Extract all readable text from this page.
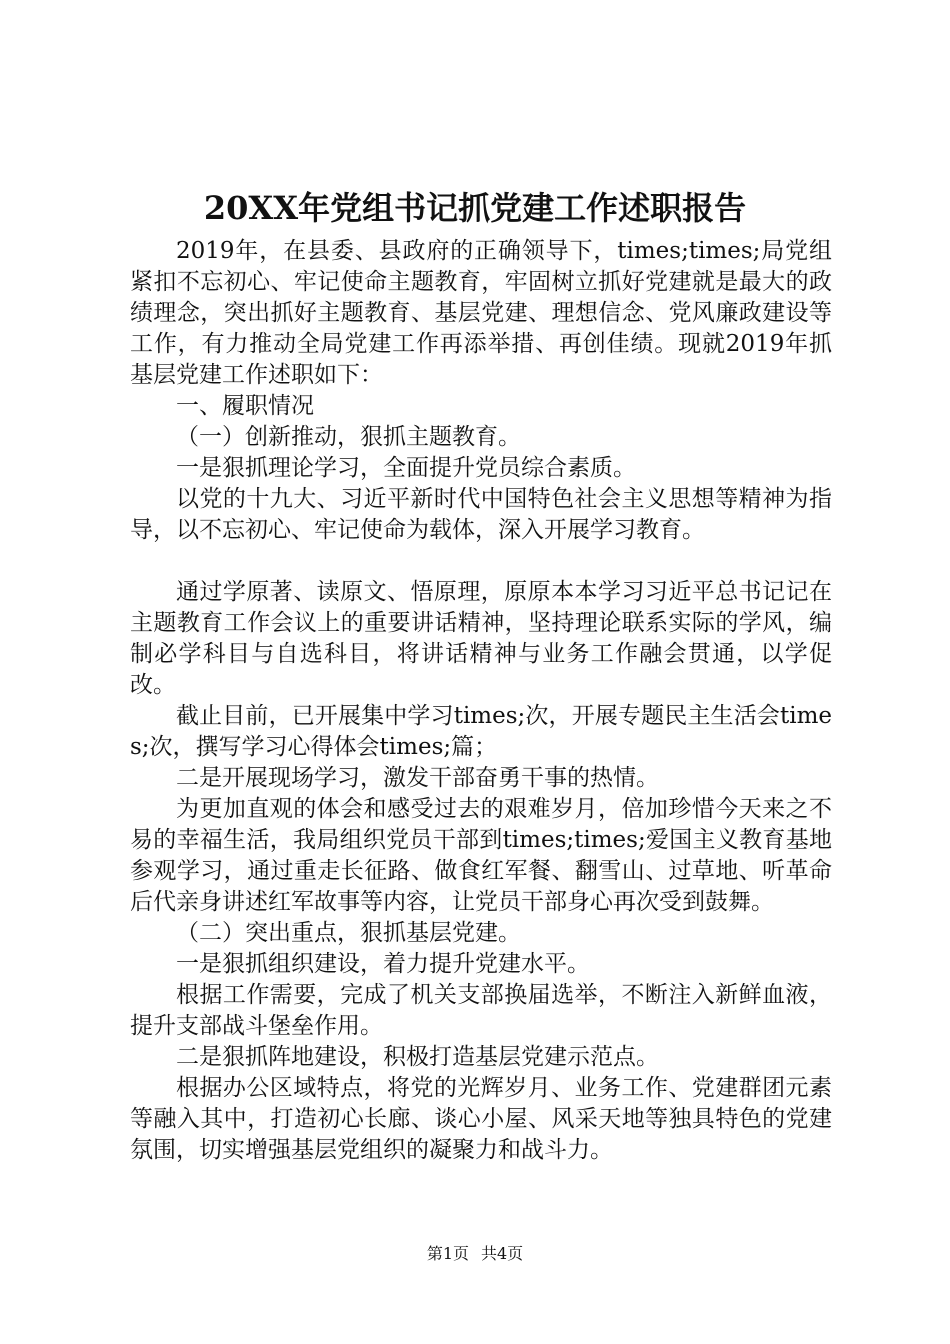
20XX年党组书记抓党建工作述职报告

2019年，在县委、县政府的正确领导下，times;times;局党组紧扣不忘初心、牢记使命主题教育，牢固树立抓好党建就是最大的政绩理念，突出抓好主题教育、基层党建、理想信念、党风廉政建设等工作，有力推动全局党建工作再添举措、再创佳绩。现就2019年抓基层党建工作述职如下：

一、履职情况

（一）创新推动，狠抓主题教育。

一是狠抓理论学习，全面提升党员综合素质。

以党的十九大、习近平新时代中国特色社会主义思想等精神为指导，以不忘初心、牢记使命为载体，深入开展学习教育。

通过学原著、读原文、悟原理，原原本本学习习近平总书记记在主题教育工作会议上的重要讲话精神，坚持理论联系实际的学风，编制必学科目与自选科目，将讲话精神与业务工作融会贯通，以学促改。

截止目前，已开展集中学习times;次，开展专题民主生活会times;次，撰写学习心得体会times;篇；

二是开展现场学习，激发干部奋勇干事的热情。

为更加直观的体会和感受过去的艰难岁月，倍加珍惜今天来之不易的幸福生活，我局组织党员干部到times;times;爱国主义教育基地参观学习，通过重走长征路、做食红军餐、翻雪山、过草地、听革命后代亲身讲述红军故事等内容，让党员干部身心再次受到鼓舞。

（二）突出重点，狠抓基层党建。

一是狠抓组织建设，着力提升党建水平。

根据工作需要，完成了机关支部换届选举，不断注入新鲜血液，提升支部战斗堡垒作用。

二是狠抓阵地建设，积极打造基层党建示范点。

根据办公区域特点，将党的光辉岁月、业务工作、党建群团元素等融入其中，打造初心长廊、谈心小屋、风采天地等独具特色的党建氛围，切实增强基层党组织的凝聚力和战斗力。

第1页 共4页
